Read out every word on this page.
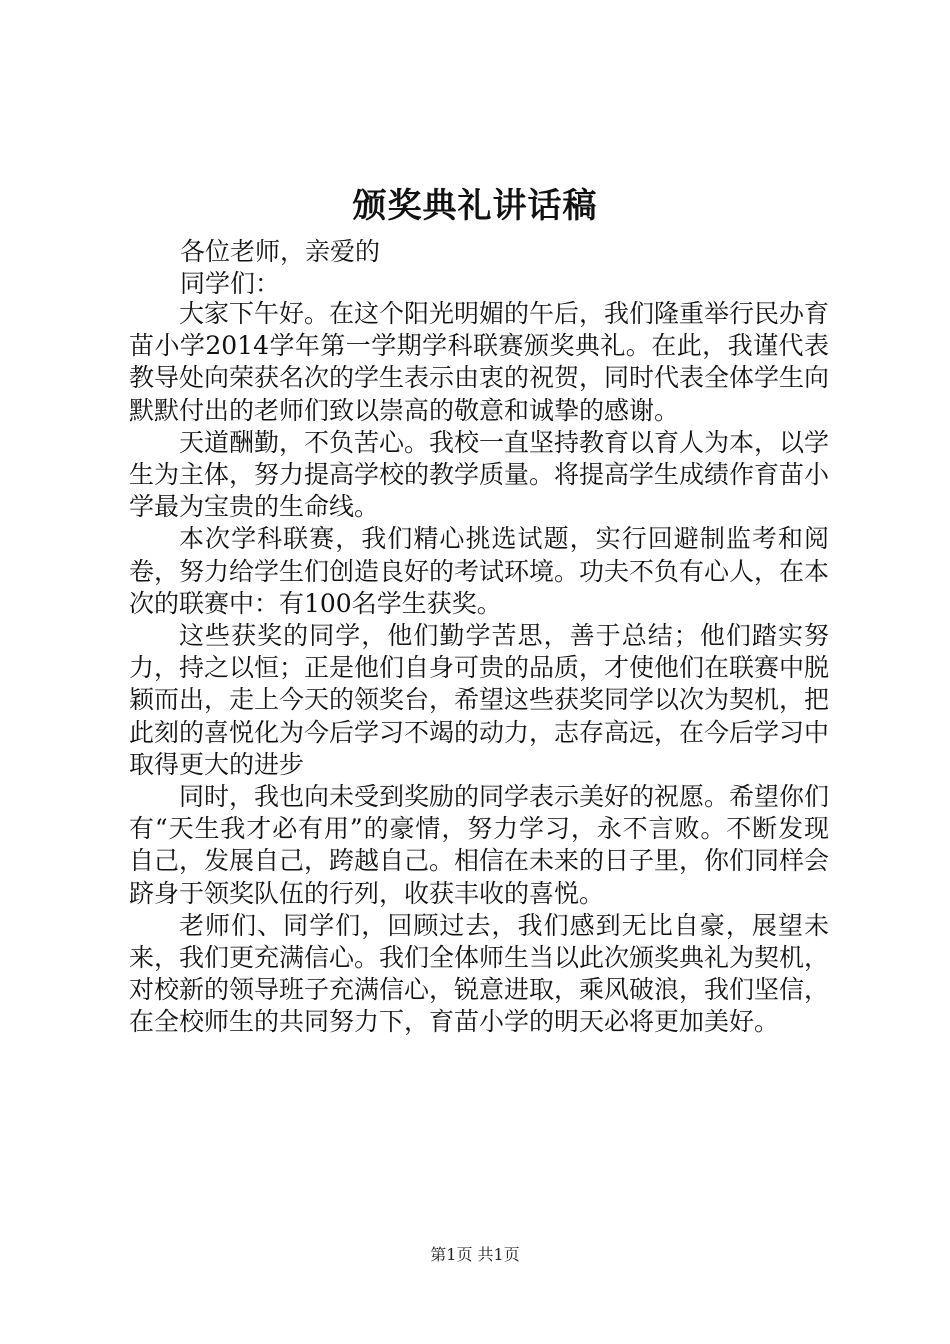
颁奖典礼讲话稿

各位老师，亲爱的

同学们：

大家下午好。在这个阳光明媚的午后，我们隆重举行民办育苗小学2014学年第一学期学科联赛颁奖典礼。在此，我谨代表教导处向荣获名次的学生表示由衷的祝贺，同时代表全体学生向默默付出的老师们致以崇高的敬意和诚挚的感谢。

天道酬勤，不负苦心。我校一直坚持教育以育人为本，以学生为主体，努力提高学校的教学质量。将提高学生成绩作育苗小学最为宝贵的生命线。

本次学科联赛，我们精心挑选试题，实行回避制监考和阅卷，努力给学生们创造良好的考试环境。功夫不负有心人，在本次的联赛中：有100名学生获奖。

这些获奖的同学，他们勤学苦思，善于总结；他们踏实努力，持之以恒；正是他们自身可贵的品质，才使他们在联赛中脱颖而出，走上今天的领奖台，希望这些获奖同学以次为契机，把此刻的喜悦化为今后学习不竭的动力，志存高远，在今后学习中取得更大的进步

同时，我也向未受到奖励的同学表示美好的祝愿。希望你们有“天生我才必有用”的豪情，努力学习，永不言败。不断发现自己，发展自己，跨越自己。相信在未来的日子里，你们同样会跻身于领奖队伍的行列，收获丰收的喜悦。

老师们、同学们，回顾过去，我们感到无比自豪，展望未来，我们更充满信心。我们全体师生当以此次颁奖典礼为契机，对校新的领导班子充满信心，锐意进取，乘风破浪，我们坚信，在全校师生的共同努力下，育苗小学的明天必将更加美好。

第1页 共1页
